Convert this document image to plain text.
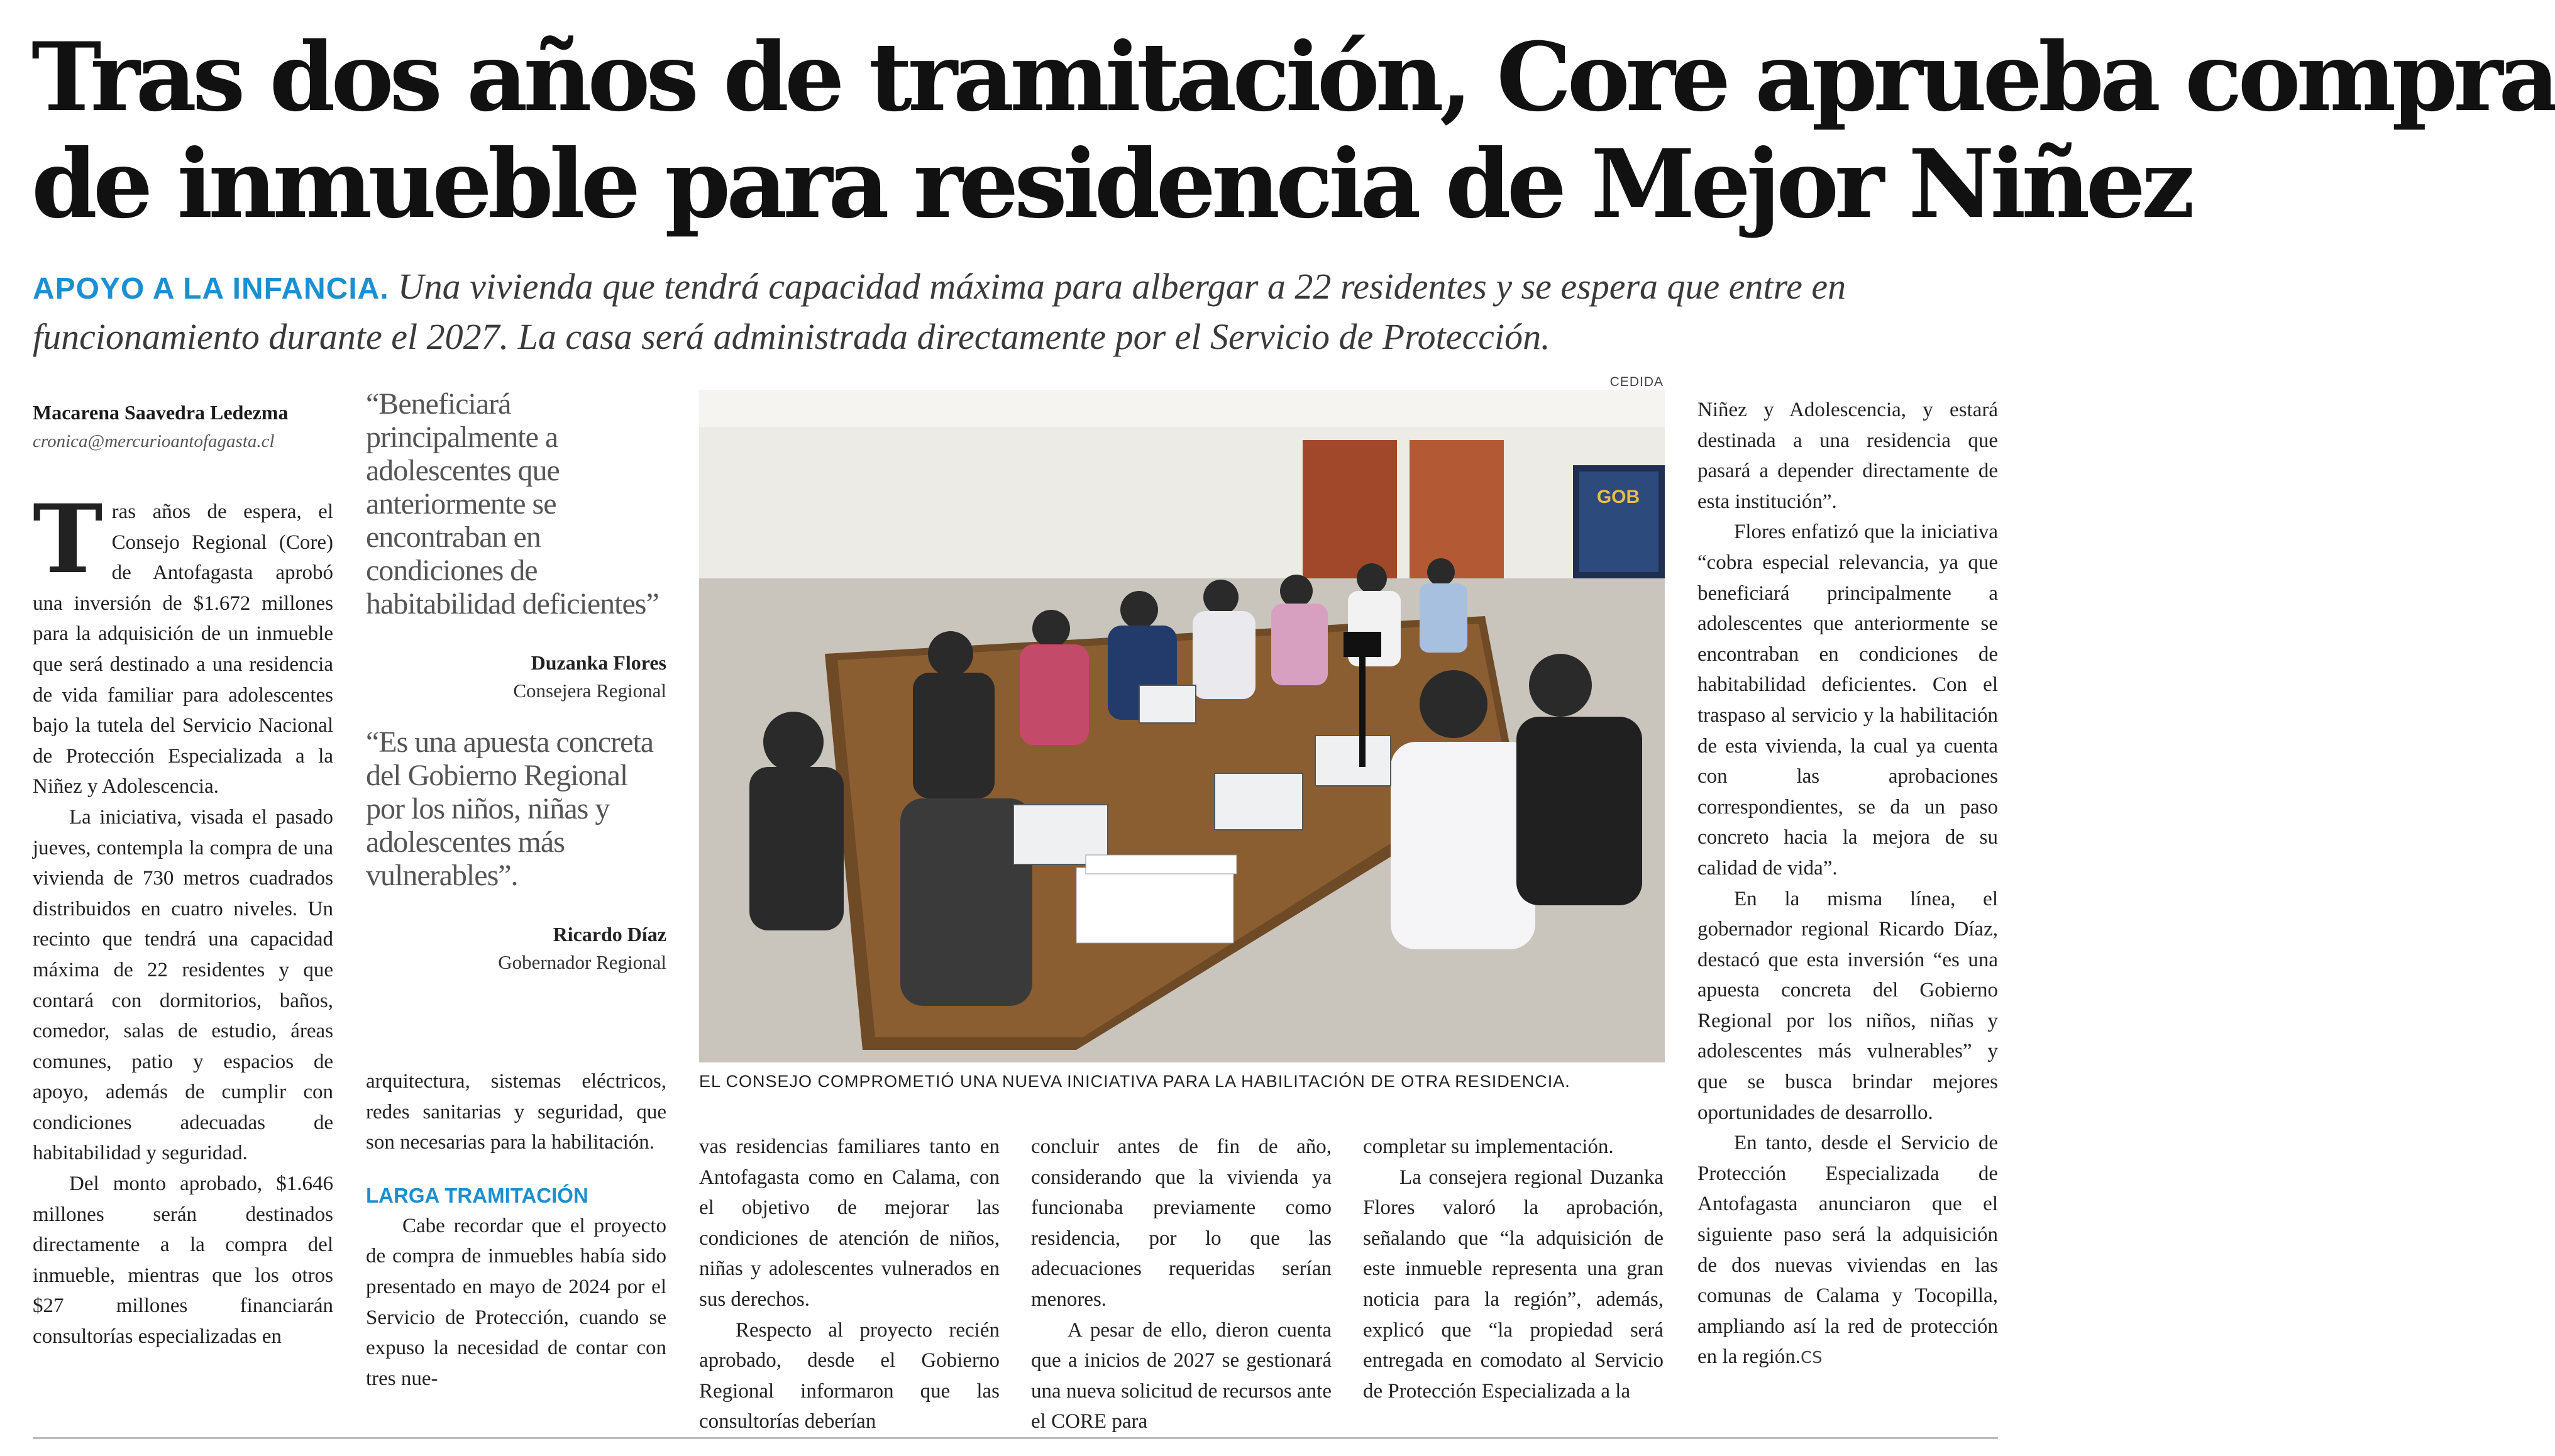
Tras dos años de tramitación, Core aprueba compra
de inmueble para residencia de Mejor Niñez
APOYO A LA INFANCIA. Una vivienda que tendrá capacidad máxima para albergar a 22 residentes y se espera que entre en
funcionamiento durante el 2027. La casa será administrada directamente por el Servicio de Protección.
Macarena Saavedra Ledezma
cronica@mercurioantofagasta.cl

Tras años de espera, el Consejo Regional (Core) de Antofagasta aprobó una inversión de $1.672 millones para la adquisición de un inmueble que será destinado a una residencia de vida familiar para adolescentes bajo la tutela del Servicio Nacional de Protección Especializada a la Niñez y Adolescencia.

La iniciativa, visada el pasado jueves, contempla la compra de una vivienda de 730 metros cuadrados distribuidos en cuatro niveles. Un recinto que tendrá una capacidad máxima de 22 residentes y que contará con dormitorios, baños, comedor, salas de estudio, áreas comunes, patio y espacios de apoyo, además de cumplir con condiciones adecuadas de habitabilidad y seguridad.

Del monto aprobado, $1.646 millones serán destinados directamente a la compra del inmueble, mientras que los otros $27 millones financiarán consultorías especializadas en

“Beneficiará principalmente a adolescentes que anteriormente se encontraban en condiciones de habitabilidad deficientes”
Duzanka Flores
Consejera Regional
“Es una apuesta concreta del Gobierno Regional por los niños, niñas y adolescentes más vulnerables”.
Ricardo Díaz
Gobernador Regional

arquitectura, sistemas eléctricos, redes sanitarias y seguridad, que son necesarias para la habilitación.

LARGA TRAMITACIÓN

Cabe recordar que el proyecto de compra de inmuebles había sido presentado en mayo de 2024 por el Servicio de Protección, cuando se expuso la necesidad de contar con tres nue-

CEDIDA
GOB
EL CONSEJO COMPROMETIÓ UNA NUEVA INICIATIVA PARA LA HABILITACIÓN DE OTRA RESIDENCIA.

vas residencias familiares tanto en Antofagasta como en Calama, con el objetivo de mejorar las condiciones de atención de niños, niñas y adolescentes vulnerados en sus derechos.

Respecto al proyecto recién aprobado, desde el Gobierno Regional informaron que las consultorías deberían

concluir antes de fin de año, considerando que la vivienda ya funcionaba previamente como residencia, por lo que las adecuaciones requeridas serían menores.

A pesar de ello, dieron cuenta que a inicios de 2027 se gestionará una nueva solicitud de recursos ante el CORE para

completar su implementación.

La consejera regional Duzanka Flores valoró la aprobación, señalando que “la adquisición de este inmueble representa una gran noticia para la región”, además, explicó que “la propiedad será entregada en comodato al Servicio de Protección Especializada a la

Niñez y Adolescencia, y estará destinada a una residencia que pasará a depender directamente de esta institución”.

Flores enfatizó que la iniciativa “cobra especial relevancia, ya que beneficiará principalmente a adolescentes que anteriormente se encontraban en condiciones de habitabilidad deficientes. Con el traspaso al servicio y la habilitación de esta vivienda, la cual ya cuenta con las aprobaciones correspondientes, se da un paso concreto hacia la mejora de su calidad de vida”.

En la misma línea, el gobernador regional Ricardo Díaz, destacó que esta inversión “es una apuesta concreta del Gobierno Regional por los niños, niñas y adolescentes más vulnerables” y que se busca brindar mejores oportunidades de desarrollo.

En tanto, desde el Servicio de Protección Especializada de Antofagasta anunciaron que el siguiente paso será la adquisición de dos nuevas viviendas en las comunas de Calama y Tocopilla, ampliando así la red de protección en la región.CS
